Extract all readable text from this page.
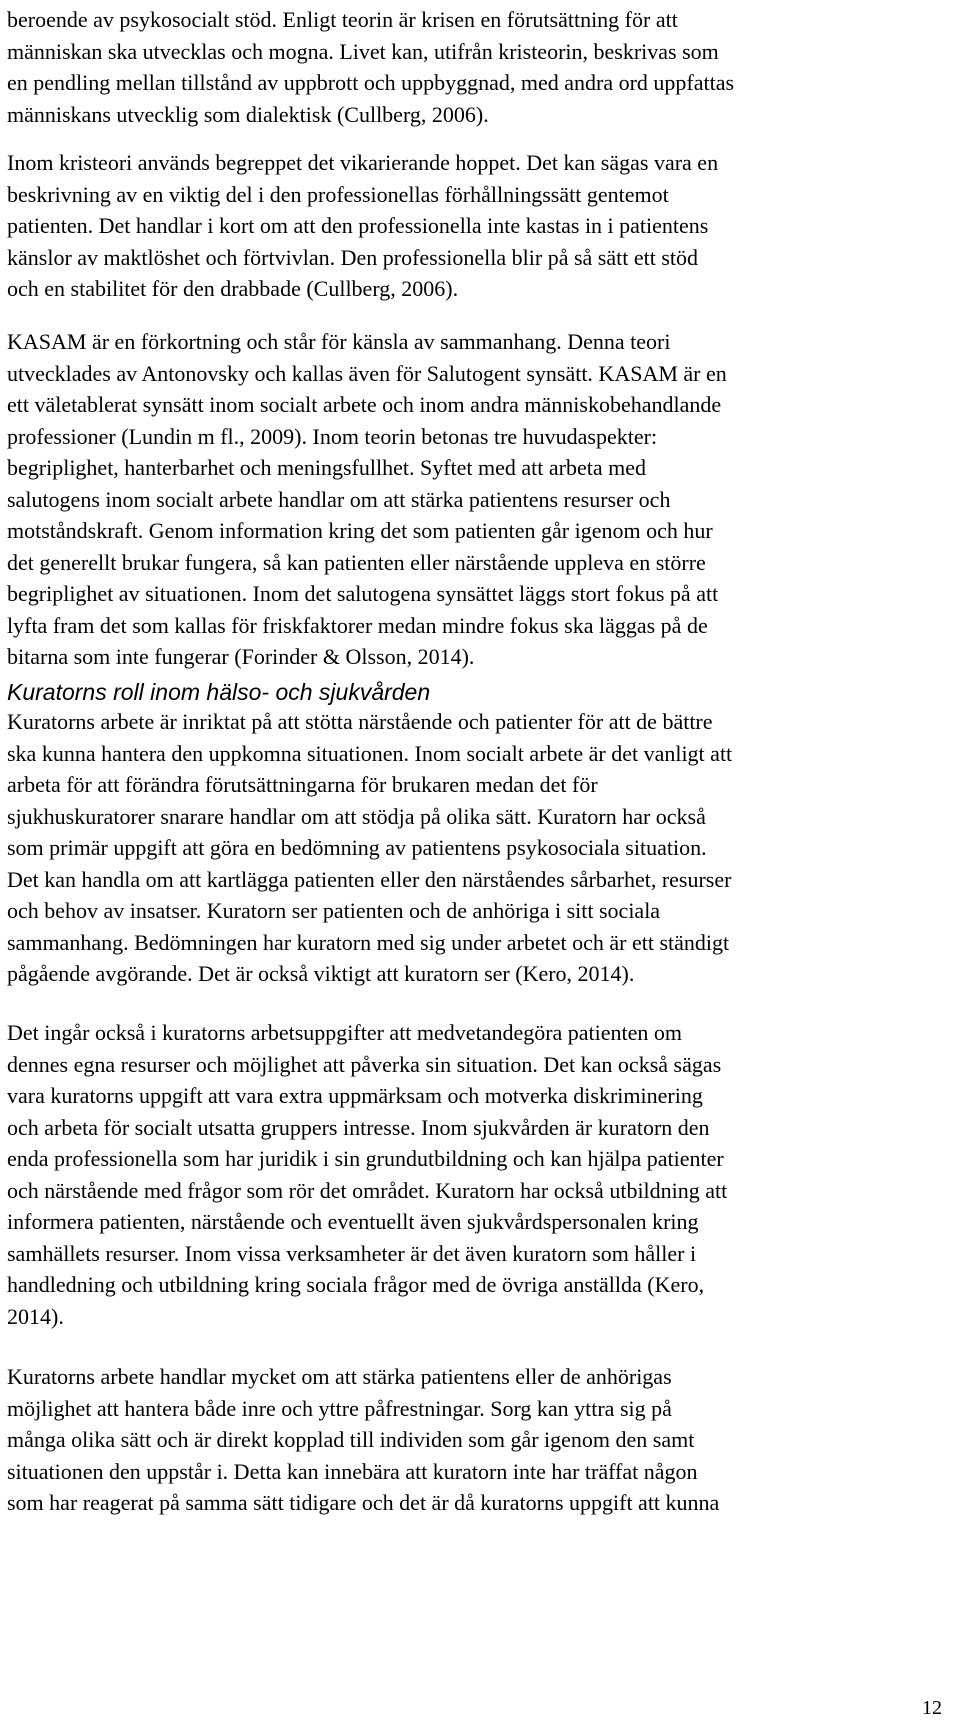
beroende av psykosocialt stöd. Enligt teorin är krisen en förutsättning för att
människan ska utvecklas och mogna. Livet kan, utifrån kristeorin, beskrivas som
en pendling mellan tillstånd av uppbrott och uppbyggnad, med andra ord uppfattas
människans utvecklig som dialektisk (Cullberg, 2006).
Inom kristeori används begreppet det vikarierande hoppet. Det kan sägas vara en
beskrivning av en viktig del i den professionellas förhållningssätt gentemot
patienten. Det handlar i kort om att den professionella inte kastas in i patientens
känslor av maktlöshet och förtvivlan. Den professionella blir på så sätt ett stöd
och en stabilitet för den drabbade (Cullberg, 2006).
KASAM är en förkortning och står för känsla av sammanhang. Denna teori
utvecklades av Antonovsky och kallas även för Salutogent synsätt. KASAM är en
ett väletablerat synsätt inom socialt arbete och inom andra människobehandlande
professioner (Lundin m fl., 2009). Inom teorin betonas tre huvudaspekter:
begriplighet, hanterbarhet och meningsfullhet. Syftet med att arbeta med
salutogens inom socialt arbete handlar om att stärka patientens resurser och
motståndskraft. Genom information kring det som patienten går igenom och hur
det generellt brukar fungera, så kan patienten eller närstående uppleva en större
begriplighet av situationen. Inom det salutogena synsättet läggs stort fokus på att
lyfta fram det som kallas för friskfaktorer medan mindre fokus ska läggas på de
bitarna som inte fungerar (Forinder & Olsson, 2014).
Kuratorns roll inom hälso- och sjukvården
Kuratorns arbete är inriktat på att stötta närstående och patienter för att de bättre
ska kunna hantera den uppkomna situationen. Inom socialt arbete är det vanligt att
arbeta för att förändra förutsättningarna för brukaren medan det för
sjukhuskuratorer snarare handlar om att stödja på olika sätt. Kuratorn har också
som primär uppgift att göra en bedömning av patientens psykosociala situation.
Det kan handla om att kartlägga patienten eller den närståendes sårbarhet, resurser
och behov av insatser. Kuratorn ser patienten och de anhöriga i sitt sociala
sammanhang. Bedömningen har kuratorn med sig under arbetet och är ett ständigt
pågående avgörande. Det är också viktigt att kuratorn ser (Kero, 2014).
Det ingår också i kuratorns arbetsuppgifter att medvetandegöra patienten om
dennes egna resurser och möjlighet att påverka sin situation. Det kan också sägas
vara kuratorns uppgift att vara extra uppmärksam och motverka diskriminering
och arbeta för socialt utsatta gruppers intresse. Inom sjukvården är kuratorn den
enda professionella som har juridik i sin grundutbildning och kan hjälpa patienter
och närstående med frågor som rör det området. Kuratorn har också utbildning att
informera patienten, närstående och eventuellt även sjukvårdspersonalen kring
samhällets resurser. Inom vissa verksamheter är det även kuratorn som håller i
handledning och utbildning kring sociala frågor med de övriga anställda (Kero,
2014).
Kuratorns arbete handlar mycket om att stärka patientens eller de anhörigas
möjlighet att hantera både inre och yttre påfrestningar. Sorg kan yttra sig på
många olika sätt och är direkt kopplad till individen som går igenom den samt
situationen den uppstår i. Detta kan innebära att kuratorn inte har träffat någon
som har reagerat på samma sätt tidigare och det är då kuratorns uppgift att kunna
12
